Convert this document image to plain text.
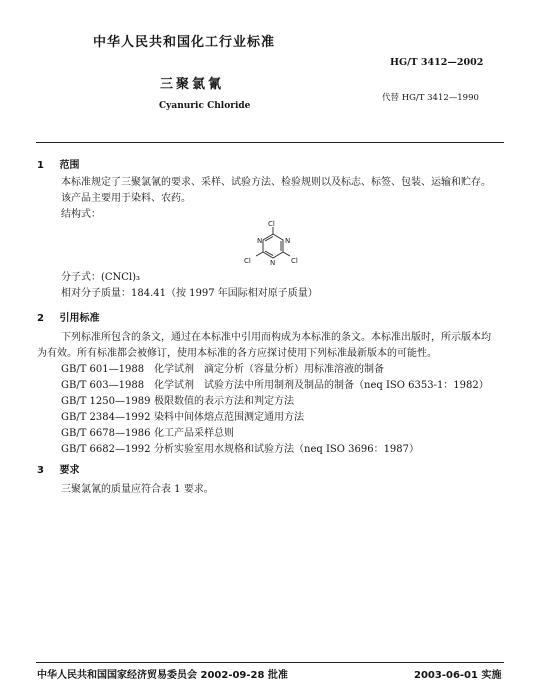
中华人民共和国化工行业标准
HG/T 3412—2002
三聚氯氰
代替 HG/T 3412—1990
Cyanuric Chloride
1 范围
本标准规定了三聚氯氰的要求、采样、试验方法、检验规则以及标志、标签、包装、运输和贮存。
该产品主要用于染料、农药。
结构式：
Cl
N	N
N
Cl	Cl
分子式：(CNCl)₃
相对分子质量：184.41（按 1997 年国际相对原子质量）
2 引用标准
下列标准所包含的条文，通过在本标准中引用而构成为本标准的条文。本标准出版时，所示版本均
为有效。所有标准都会被修订，使用本标准的各方应探讨使用下列标准最新版本的可能性。
GB/T 601—1988 化学试剂　滴定分析（容量分析）用标准溶液的制备
GB/T 603—1988 化学试剂　试验方法中所用制剂及制品的制备（neq ISO 6353-1：1982）
GB/T 1250—1989 极限数值的表示方法和判定方法
GB/T 2384—1992 染料中间体熔点范围测定通用方法
GB/T 6678—1986 化工产品采样总则
GB/T 6682—1992 分析实验室用水规格和试验方法（neq ISO 3696：1987）
3 要求
三聚氯氰的质量应符合表 1 要求。
中华人民共和国国家经济贸易委员会 2002-09-28 批准	2003-06-01 实施
